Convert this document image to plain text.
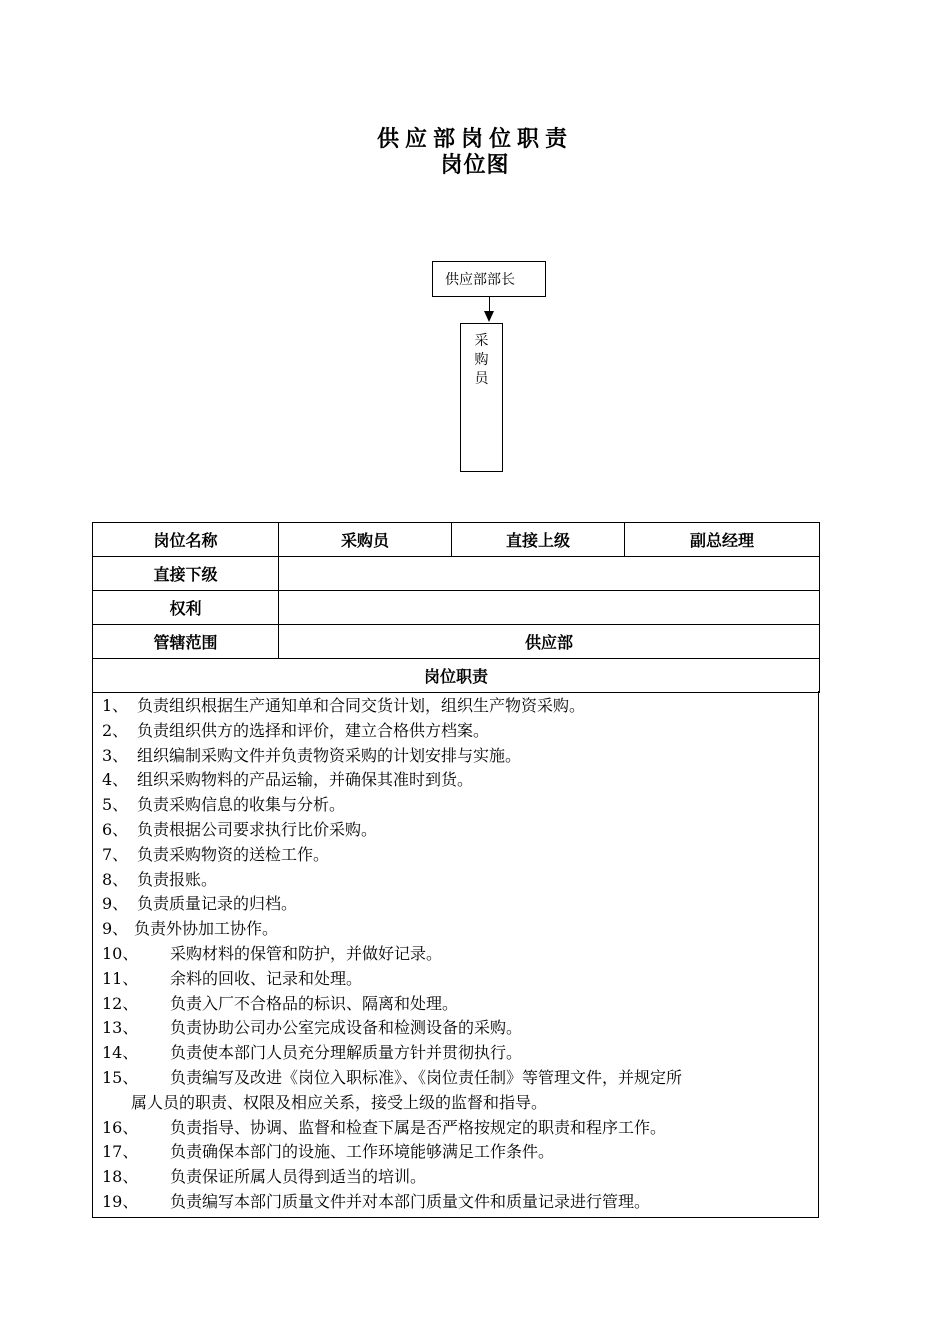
供应部岗位职责
岗位图
供应部部长
采
购
员
岗位名称	采购员	直接上级	副总经理
直接下级			
权利			
管辖范围	供应部		
岗位职责			
1、 负责组织根据生产通知单和合同交货计划，组织生产物资采购。
2、 负责组织供方的选择和评价，建立合格供方档案。
3、 组织编制采购文件并负责物资采购的计划安排与实施。
4、 组织采购物料的产品运输，并确保其准时到货。
5、 负责采购信息的收集与分析。
6、 负责根据公司要求执行比价采购。
7、 负责采购物资的送检工作。
8、 负责报账。
9、 负责质量记录的归档。
9、 负责外协加工协作。
10、 采购材料的保管和防护，并做好记录。
11、 余料的回收、记录和处理。
12、 负责入厂不合格品的标识、隔离和处理。
13、 负责协助公司办公室完成设备和检测设备的采购。
14、 负责使本部门人员充分理解质量方针并贯彻执行。
15、 负责编写及改进《岗位入职标准》、《岗位责任制》等管理文件，并规定所
属人员的职责、权限及相应关系，接受上级的监督和指导。
16、 负责指导、协调、监督和检查下属是否严格按规定的职责和程序工作。
17、 负责确保本部门的设施、工作环境能够满足工作条件。
18、 负责保证所属人员得到适当的培训。
19、 负责编写本部门质量文件并对本部门质量文件和质量记录进行管理。
